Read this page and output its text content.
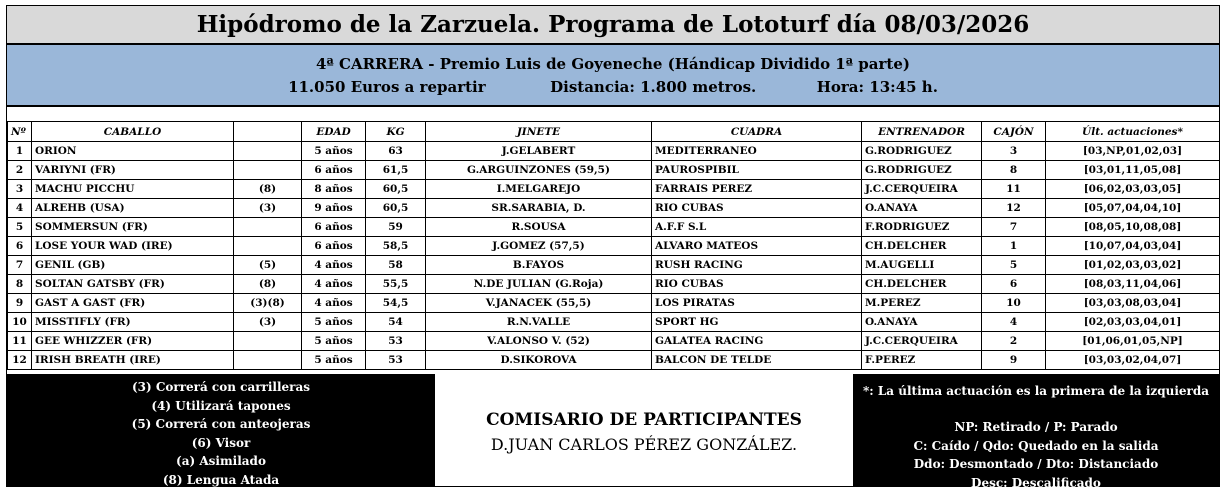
Hipódromo de la Zarzuela. Programa de Lototurf día 08/03/2026
4ª CARRERA - Premio Luis de Goyeneche (Hándicap Dividido 1ª parte)
11.050 Euros a repartir	Distancia: 1.800 metros.	Hora: 13:45 h.
Nº	CABALLO		EDAD	KG	JINETE	CUADRA	ENTRENADOR	CAJÓN	Últ. actuaciones*
1	ORION		5 años	63	J.GELABERT	MEDITERRANEO	G.RODRIGUEZ	3	[03,NP,01,02,03]
2	VARIYNI (FR)		6 años	61,5	G.ARGUINZONES (59,5)	PAUROSPIBIL	G.RODRIGUEZ	8	[03,01,11,05,08]
3	MACHU PICCHU	(8)	8 años	60,5	I.MELGAREJO	FARRAIS PEREZ	J.C.CERQUEIRA	11	[06,02,03,03,05]
4	ALREHB (USA)	(3)	9 años	60,5	SR.SARABIA, D.	RIO CUBAS	O.ANAYA	12	[05,07,04,04,10]
5	SOMMERSUN (FR)		6 años	59	R.SOUSA	A.F.F S.L	F.RODRIGUEZ	7	[08,05,10,08,08]
6	LOSE YOUR WAD (IRE)		6 años	58,5	J.GOMEZ (57,5)	ALVARO MATEOS	CH.DELCHER	1	[10,07,04,03,04]
7	GENIL (GB)	(5)	4 años	58	B.FAYOS	RUSH RACING	M.AUGELLI	5	[01,02,03,03,02]
8	SOLTAN GATSBY (FR)	(8)	4 años	55,5	N.DE JULIAN (G.Roja)	RIO CUBAS	CH.DELCHER	6	[08,03,11,04,06]
9	GAST A GAST (FR)	(3)(8)	4 años	54,5	V.JANACEK (55,5)	LOS PIRATAS	M.PEREZ	10	[03,03,08,03,04]
10	MISSTIFLY (FR)	(3)	5 años	54	R.N.VALLE	SPORT HG	O.ANAYA	4	[02,03,03,04,01]
11	GEE WHIZZER (FR)		5 años	53	V.ALONSO V. (52)	GALATEA RACING	J.C.CERQUEIRA	2	[01,06,01,05,NP]
12	IRISH BREATH (IRE)		5 años	53	D.SIKOROVA	BALCON DE TELDE	F.PEREZ	9	[03,03,02,04,07]
(3) Correrá con carrilleras
(4) Utilizará tapones
(5) Correrá con anteojeras
(6) Visor
(a) Asimilado
(8) Lengua Atada
COMISARIO DE PARTICIPANTES
D.JUAN CARLOS PÉREZ GONZÁLEZ.
*: La última actuación es la primera de la izquierda
NP: Retirado / P: Parado
C: Caído / Qdo: Quedado en la salida
Ddo: Desmontado / Dto: Distanciado
Desc: Descalificado
